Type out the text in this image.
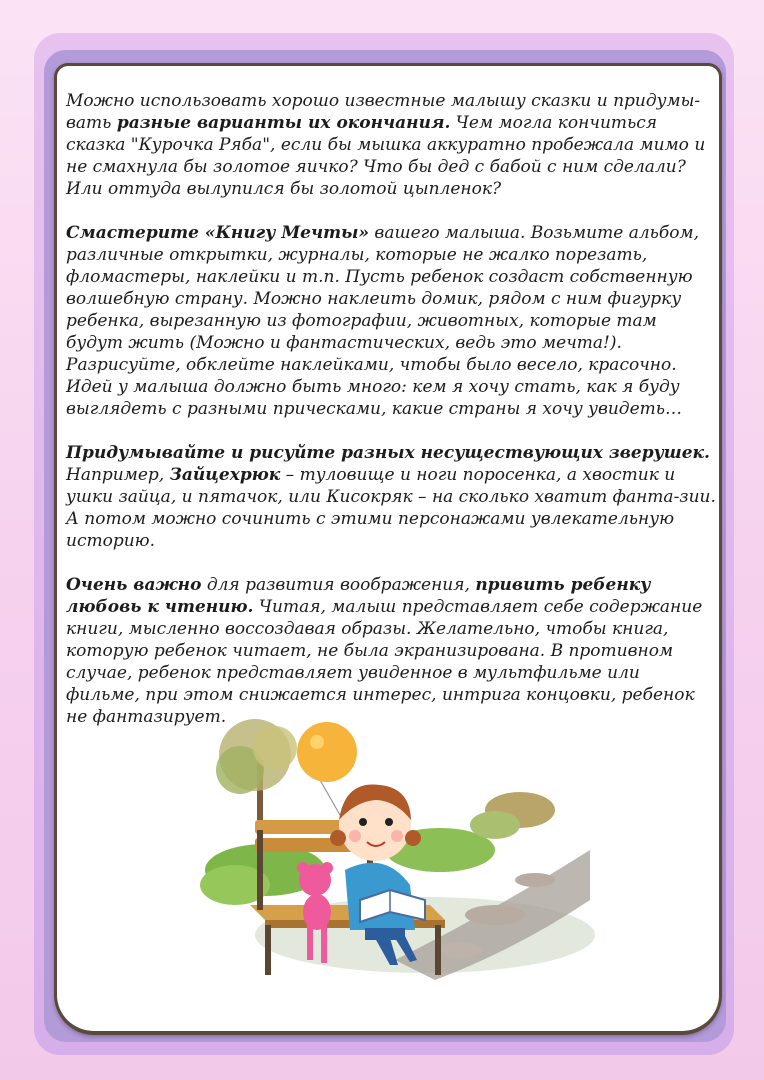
Можно использовать хорошо известные малышу сказки и придумы-вать разные варианты их окончания. Чем могла кончиться сказка "Курочка Ряба", если бы мышка аккуратно пробежала мимо и не смахнула бы золотое яичко? Что бы дед с бабой с ним сделали? Или оттуда вылупился бы золотой цыпленок?

Смастерите «Книгу Мечты» вашего малыша. Возьмите альбом, различные открытки, журналы, которые не жалко порезать, фломастеры, наклейки и т.п. Пусть ребенок создаст собственную волшебную страну. Можно наклеить домик, рядом с ним фигурку ребенка, вырезанную из фотографии, животных, которые там будут жить (Можно и фантастических, ведь это мечта!). Разрисуйте, обклейте наклейками, чтобы было весело, красочно. Идей у малыша должно быть много: кем я хочу стать, как я буду выглядеть с разными прическами, какие страны я хочу увидеть…

Придумывайте и рисуйте разных несуществующих зверушек. Например, Зайцехрюк – туловище и ноги поросенка, а хвостик и ушки зайца, и пятачок, или Кисокряк – на сколько хватит фанта-зии. А потом можно сочинить с этими персонажами увлекательную историю.

Очень важно для развития воображения, привить ребенку любовь к чтению. Читая, малыш представляет себе содержание книги, мысленно воссоздавая образы. Желательно, чтобы книга, которую ребенок читает, не была экранизирована. В противном случае, ребенок представляет увиденное в мультфильме или фильме, при этом снижается интерес, интрига концовки, ребенок не фантазирует.
